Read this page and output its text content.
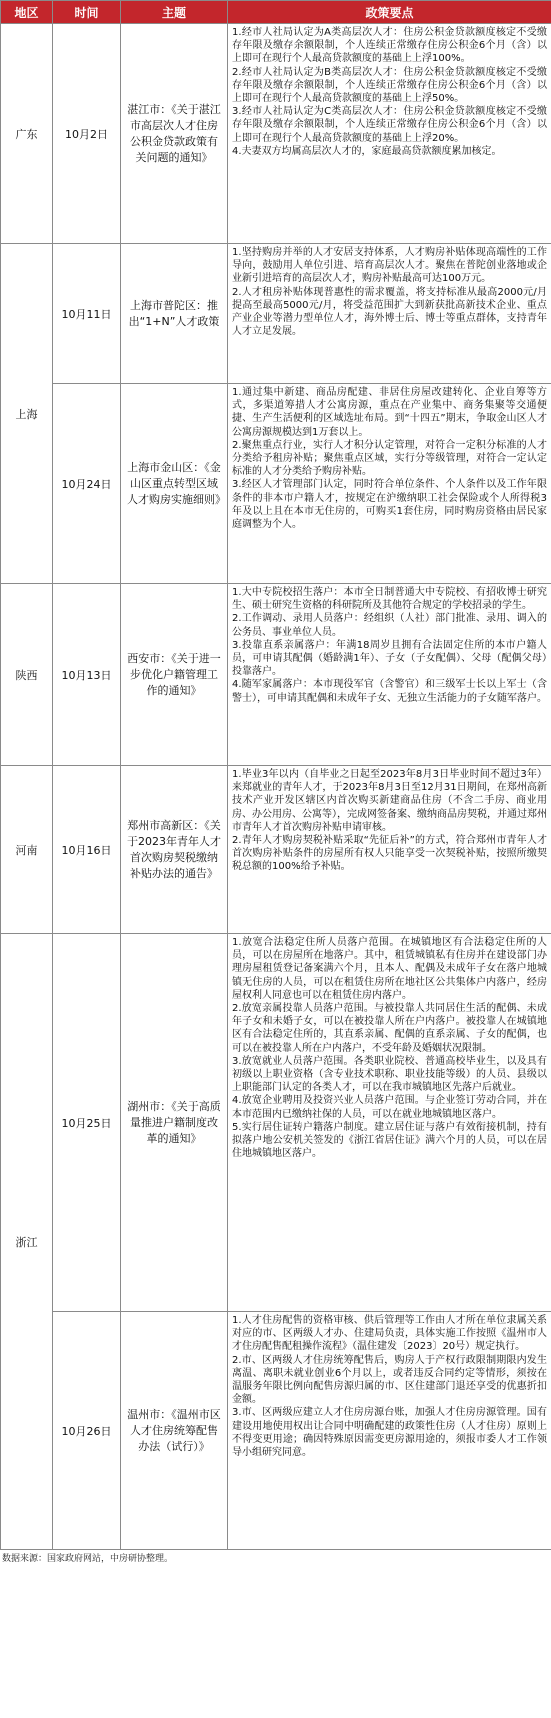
地区	时间	主题	政策要点
广东	10月2日	湛江市：《关于湛江市高层次人才住房公积金贷款政策有关问题的通知》	1.经市人社局认定为A类高层次人才：住房公积金贷款额度核定不受缴存年限及缴存余额限制，个人连续正常缴存住房公积金6个月（含）以上即可在现行个人最高贷款额度的基础上上浮100%。

2.经市人社局认定为B类高层次人才：住房公积金贷款额度核定不受缴存年限及缴存余额限制，个人连续正常缴存住房公积金6个月（含）以上即可在现行个人最高贷款额度的基础上上浮50%。

3.经市人社局认定为C类高层次人才：住房公积金贷款额度核定不受缴存年限及缴存余额限制，个人连续正常缴存住房公积金6个月（含）以上即可在现行个人最高贷款额度的基础上上浮20%。

4.夫妻双方均属高层次人才的，家庭最高贷款额度累加核定。

上海	10月11日	上海市普陀区：推出“1+N”人才政策	1.坚持购房并举的人才安居支持体系，人才购房补贴体现高端性的工作导向，鼓励用人单位引进、培育高层次人才。聚焦在普陀创业落地或企业新引进培育的高层次人才，购房补贴最高可达100万元。

2.人才租房补贴体现普惠性的需求覆盖，将支持标准从最高2000元/月提高至最高5000元/月，将受益范围扩大到新获批高新技术企业、重点产业企业等潜力型单位人才，海外博士后、博士等重点群体，支持青年人才立足发展。

	10月24日	上海市金山区：《金山区重点转型区域人才购房实施细则》	1.通过集中新建、商品房配建、非居住房屋改建转化、企业自筹等方式，多渠道筹措人才公寓房源，重点在产业集中、商务集聚等交通便捷、生产生活便利的区域选址布局。到“十四五”期末，争取金山区人才公寓房源规模达到1万套以上。

2.聚焦重点行业，实行人才积分认定管理，对符合一定积分标准的人才分类给予租房补贴；聚焦重点区域，实行分等级管理，对符合一定认定标准的人才分类给予购房补贴。

3.经区人才管理部门认定，同时符合单位条件、个人条件以及工作年限条件的非本市户籍人才，按规定在沪缴纳职工社会保险或个人所得税3年及以上且在本市无住房的，可购买1套住房，同时购房资格由居民家庭调整为个人。

陕西	10月13日	西安市：《关于进一步优化户籍管理工作的通知》	1.大中专院校招生落户：本市全日制普通大中专院校、有招收博士研究生、硕士研究生资格的科研院所及其他符合规定的学校招录的学生。

2.工作调动、录用人员落户：经组织（人社）部门批准、录用、调入的公务员、事业单位人员。

3.投靠直系亲属落户：年满18周岁且拥有合法固定住所的本市户籍人员，可申请其配偶（婚龄满1年）、子女（子女配偶）、父母（配偶父母）投靠落户。

4.随军家属落户：本市现役军官（含警官）和三级军士长以上军士（含警士），可申请其配偶和未成年子女、无独立生活能力的子女随军落户。

河南	10月16日	郑州市高新区：《关于2023年青年人才首次购房契税缴纳补贴办法的通告》	1.毕业3年以内（自毕业之日起至2023年8月3日毕业时间不超过3年）来郑就业的青年人才，于2023年8月3日至12月31日期间，在郑州高新技术产业开发区辖区内首次购买新建商品住房（不含二手房、商业用房、办公用房、公寓等），完成网签备案、缴纳商品房契税，并通过郑州市青年人才首次购房补贴申请审核。

2.青年人才购房契税补贴采取“先征后补”的方式，符合郑州市青年人才首次购房补贴条件的房屋所有权人只能享受一次契税补贴，按照所缴契税总额的100%给予补贴。

浙江	10月25日	湖州市：《关于高质量推进户籍制度改革的通知》	1.放宽合法稳定住所人员落户范围。在城镇地区有合法稳定住所的人员，可以在房屋所在地落户。其中，租赁城镇私有住房并在建设部门办理房屋租赁登记备案满六个月，且本人、配偶及未成年子女在落户地城镇无住房的人员，可以在租赁住房所在地社区公共集体户内落户，经房屋权利人同意也可以在租赁住房内落户。

2.放宽亲属投靠人员落户范围。与被投靠人共同居住生活的配偶、未成年子女和未婚子女，可以在被投靠人所在户内落户。被投靠人在城镇地区有合法稳定住所的，其直系亲属、配偶的直系亲属、子女的配偶，也可以在被投靠人所在户内落户，不受年龄及婚姻状况限制。

3.放宽就业人员落户范围。各类职业院校、普通高校毕业生，以及具有初级以上职业资格（含专业技术职称、职业技能等级）的人员、县级以上职能部门认定的各类人才，可以在我市城镇地区先落户后就业。

4.放宽企业聘用及投资兴业人员落户范围。与企业签订劳动合同，并在本市范围内已缴纳社保的人员，可以在就业地城镇地区落户。

5.实行居住证转户籍落户制度。建立居住证与落户有效衔接机制，持有拟落户地公安机关签发的《浙江省居住证》满六个月的人员，可以在居住地城镇地区落户。

	10月26日	温州市：《温州市区人才住房统筹配售办法（试行）》	1.人才住房配售的资格审核、供后管理等工作由人才所在单位隶属关系对应的市、区两级人才办、住建局负责，具体实施工作按照《温州市人才住房配售配租操作流程》（温住建发〔2023〕20号）规定执行。

2.市、区两级人才住房统筹配售后，购房人于产权行政限制期限内发生离温、离职未就业创业6个月以上，或者违反合同约定等情形，须按在温服务年限比例向配售房源归属的市、区住建部门退还享受的优惠折扣金额。

3.市、区两级应建立人才住房房源台账，加强人才住房房源管理。国有建设用地使用权出让合同中明确配建的政策性住房（人才住房）原则上不得变更用途；确因特殊原因需变更房源用途的，须报市委人才工作领导小组研究同意。

数据来源：国家政府网站，中房研协整理。
